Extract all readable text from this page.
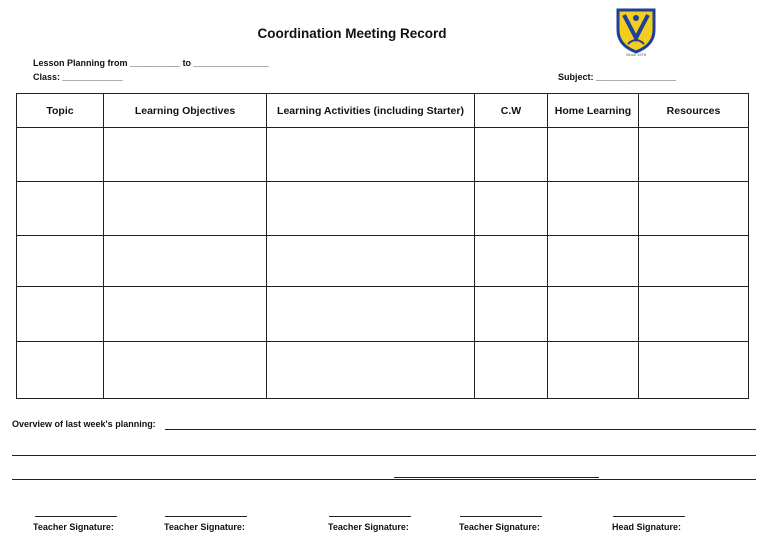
Coordination Meeting Record
Since 1976
Lesson Planning from __________ to _______________
Class: ____________	Subject: ________________
Topic	Learning Objectives	Learning Activities (including Starter)	C.W	Home Learning	Resources

Overview of last week's planning:
Teacher Signature:	Teacher Signature:	Teacher Signature:	Teacher Signature:	Head Signature:
